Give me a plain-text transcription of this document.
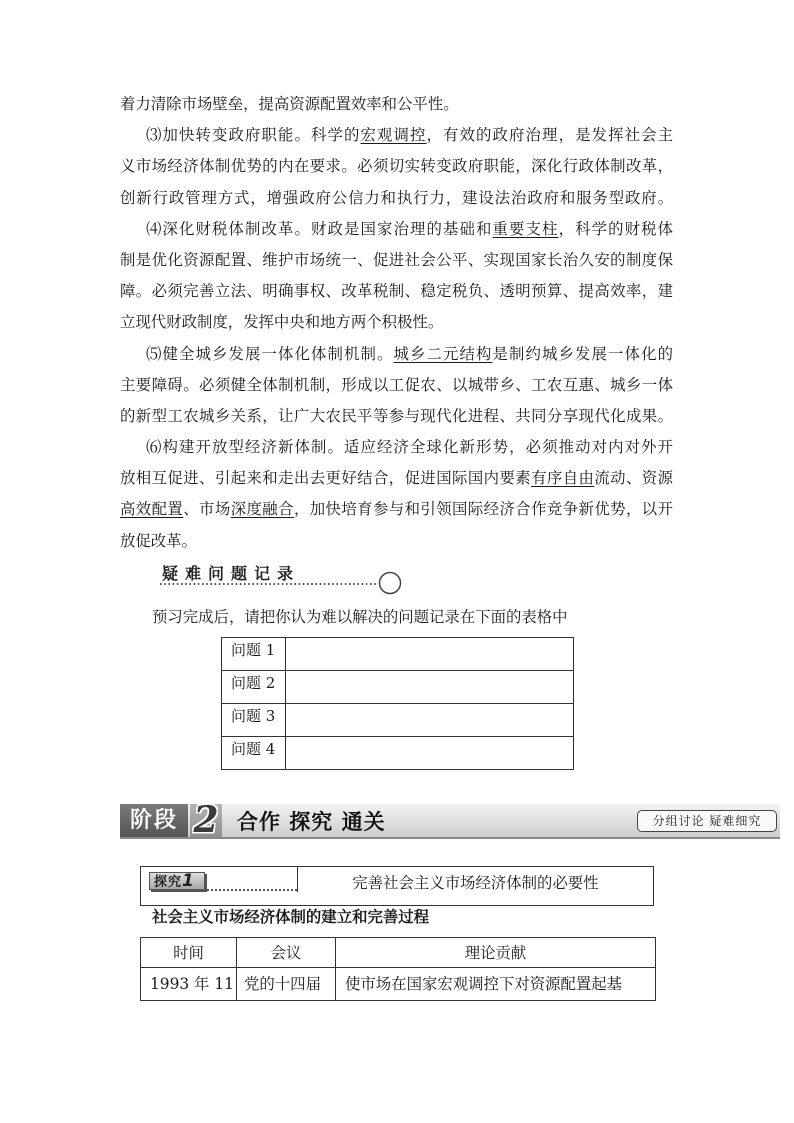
着力清除市场壁垒，提高资源配置效率和公平性。
⑶加快转变政府职能。科学的宏观调控，有效的政府治理，是发挥社会主
义市场经济体制优势的内在要求。必须切实转变政府职能，深化行政体制改革，
创新行政管理方式，增强政府公信力和执行力，建设法治政府和服务型政府。
⑷深化财税体制改革。财政是国家治理的基础和重要支柱，科学的财税体
制是优化资源配置、维护市场统一、促进社会公平、实现国家长治久安的制度保
障。必须完善立法、明确事权、改革税制、稳定税负、透明预算、提高效率，建
立现代财政制度，发挥中央和地方两个积极性。
⑸健全城乡发展一体化体制机制。城乡二元结构是制约城乡发展一体化的
主要障碍。必须健全体制机制，形成以工促农、以城带乡、工农互惠、城乡一体
的新型工农城乡关系，让广大农民平等参与现代化进程、共同分享现代化成果。
⑹构建开放型经济新体制。适应经济全球化新形势，必须推动对内对外开
放相互促进、引起来和走出去更好结合，促进国际国内要素有序自由流动、资源
高效配置、市场深度融合，加快培育参与和引领国际经济合作竞争新优势，以开
放促改革。
疑难问题记录
预习完成后，请把你认为难以解决的问题记录在下面的表格中
问题 1	
问题 2	
问题 3	
问题 4	
阶段 2 合作 探究 通关	分组讨论 疑难细究
探究1	完善社会主义市场经济体制的必要性
社会主义市场经济体制的建立和完善过程
时间	会议	理论贡献
1993 年 11	党的十四届	使市场在国家宏观调控下对资源配置起基
